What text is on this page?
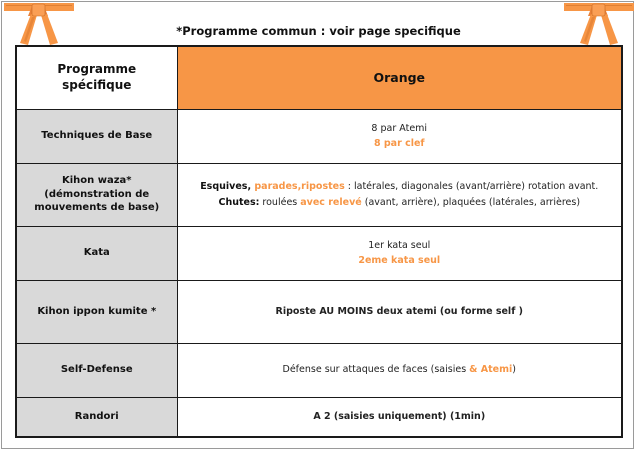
*Programme commun : voir page specifique
Programme
spécifique	Orange
Techniques de Base	8 par Atemi
8 par clef
Kihon waza*
(démonstration de
mouvements de base)	Esquives, parades,ripostes : latérales, diagonales (avant/arrière) rotation avant.
Chutes: roulées avec relevé (avant, arrière), plaquées (latérales, arrières)
Kata	1er kata seul
2eme kata seul
Kihon ippon kumite *	Riposte AU MOINS deux atemi (ou forme self )
Self-Defense	Défense sur attaques de faces (saisies & Atemi)
Randori	A 2 (saisies uniquement) (1min)
